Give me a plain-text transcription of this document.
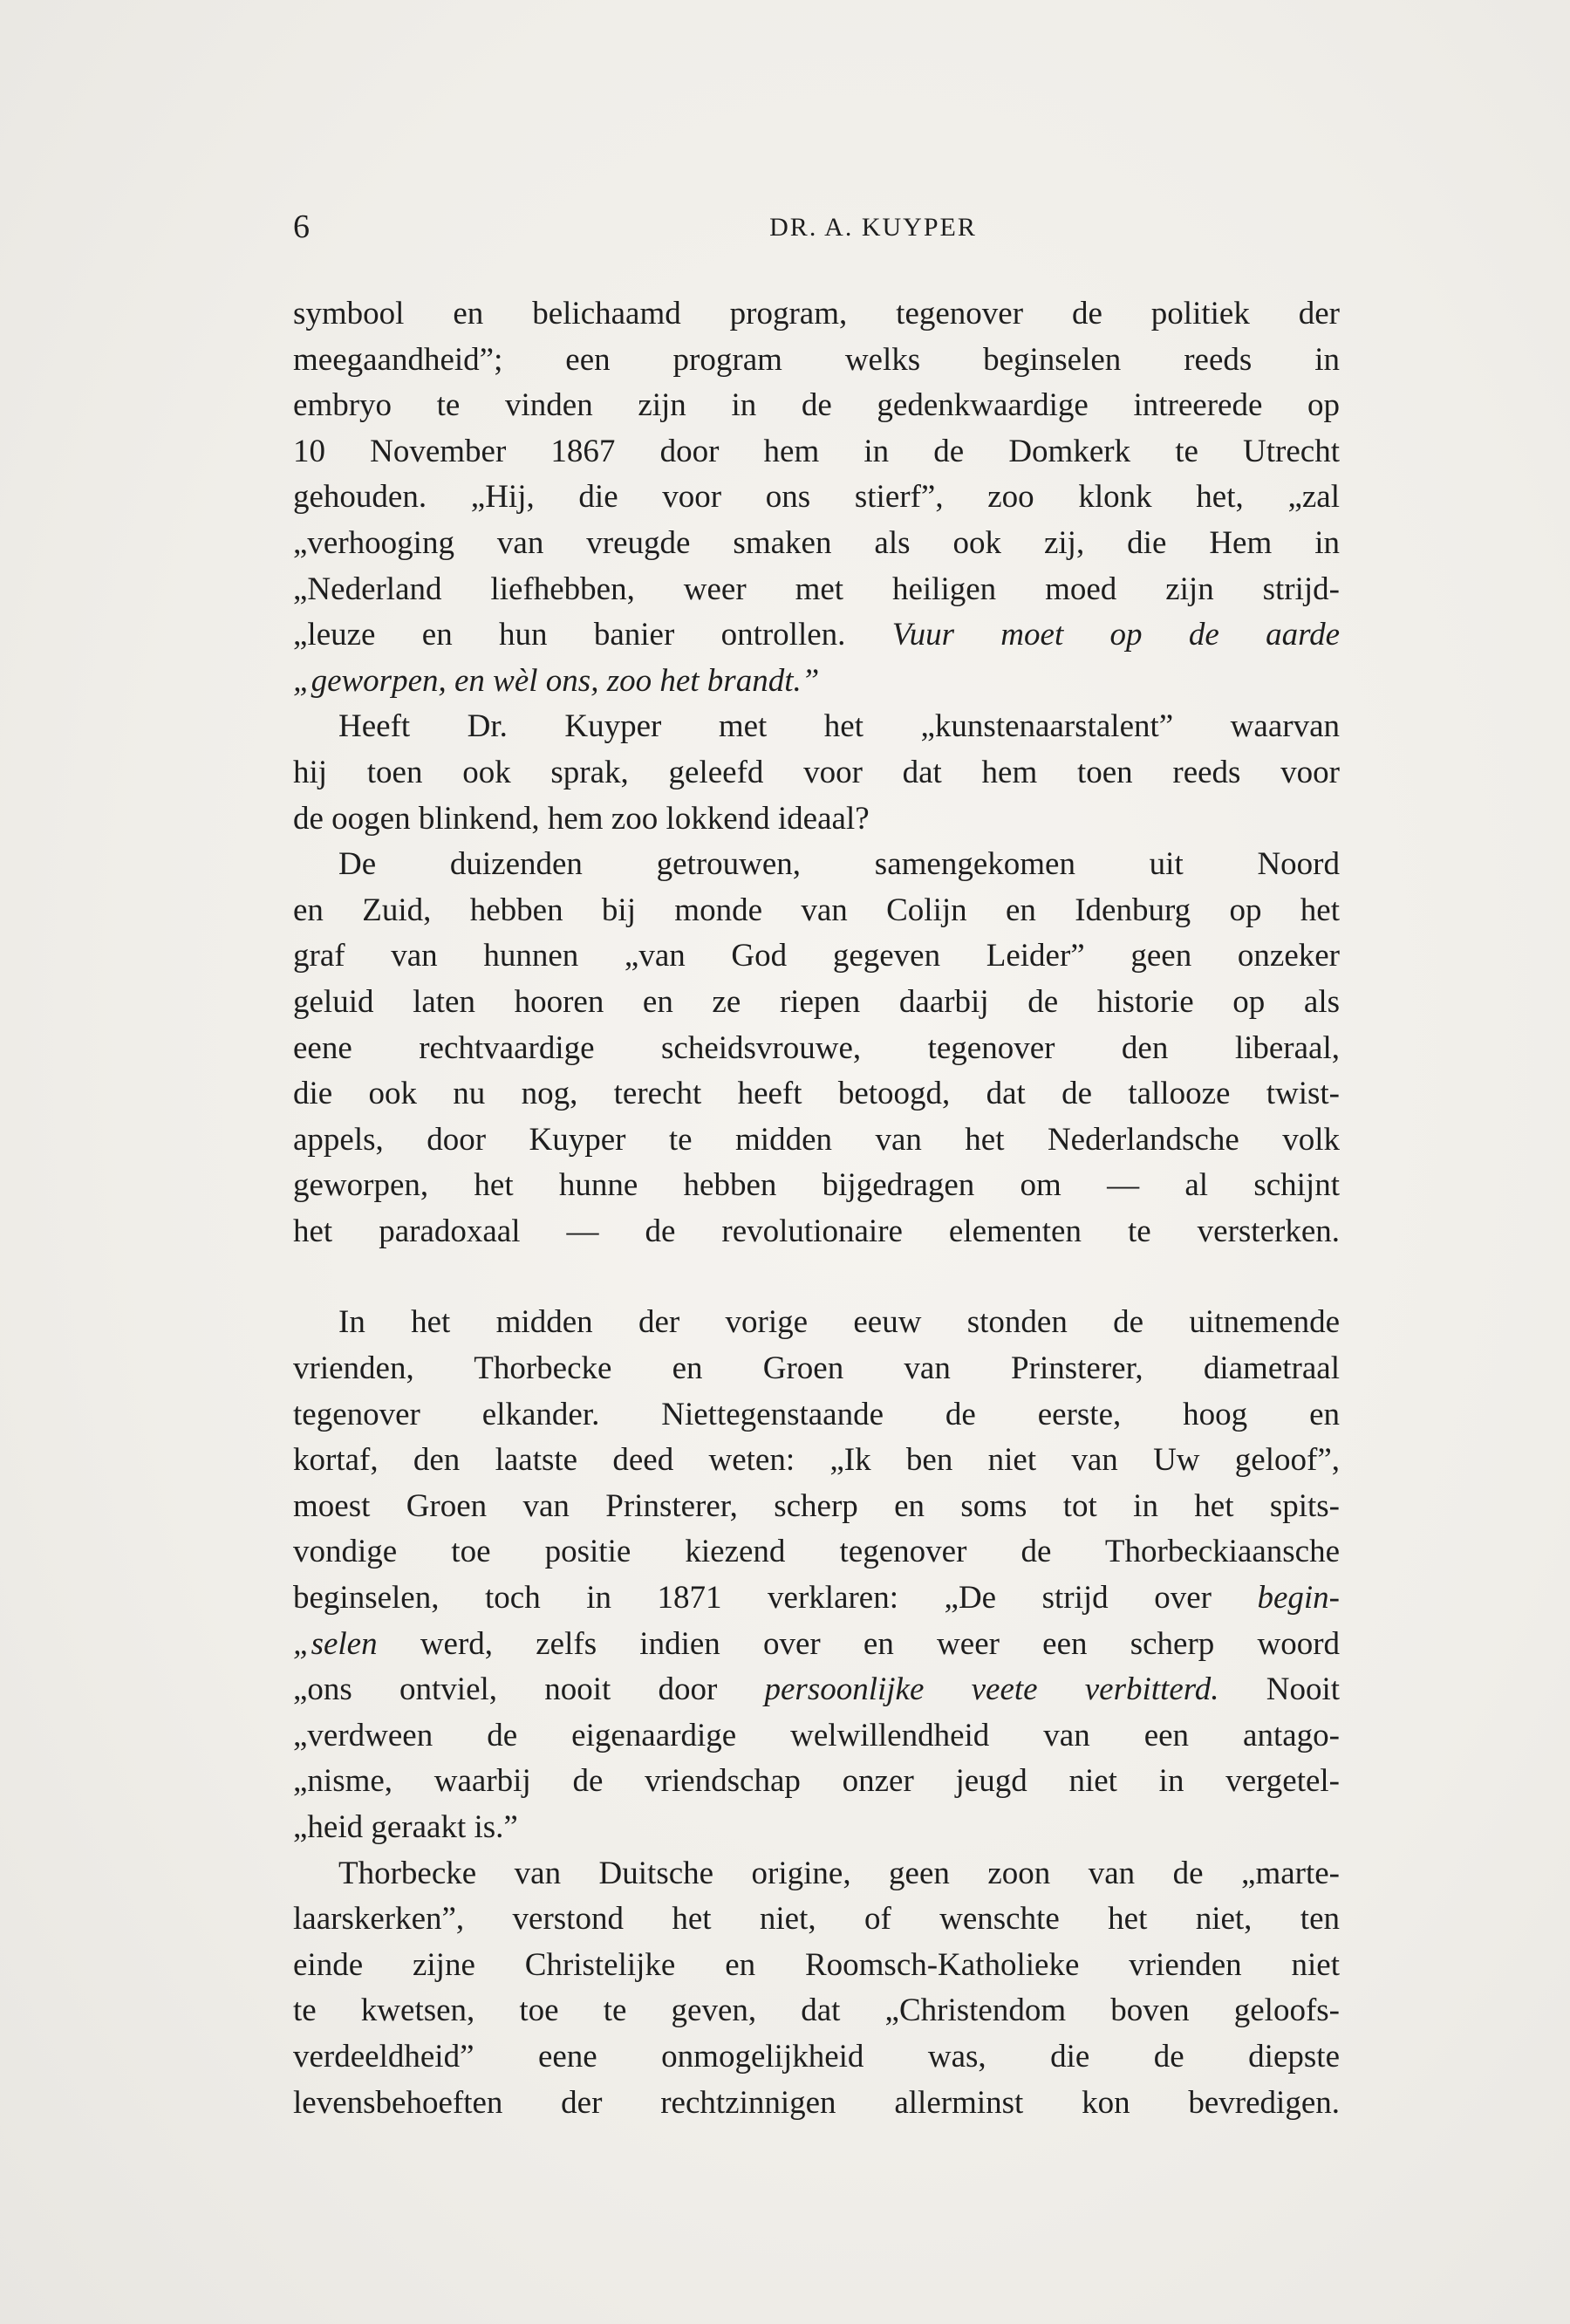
6	DR. A. KUYPER
symbool en belichaamd program, tegenover de politiek der
meegaandheid”; een program welks beginselen reeds in
embryo te vinden zijn in de gedenkwaardige intreerede op
10 November 1867 door hem in de Domkerk te Utrecht
gehouden. „Hij, die voor ons stierf”, zoo klonk het, „zal
„verhooging van vreugde smaken als ook zij, die Hem in
„Nederland liefhebben, weer met heiligen moed zijn strijd-
„leuze en hun banier ontrollen. Vuur moet op de aarde
„geworpen, en wèl ons, zoo het brandt.”
Heeft Dr. Kuyper met het „kunstenaarstalent” waarvan
hij toen ook sprak, geleefd voor dat hem toen reeds voor
de oogen blinkend, hem zoo lokkend ideaal?
De duizenden getrouwen, samengekomen uit Noord
en Zuid, hebben bij monde van Colijn en Idenburg op het
graf van hunnen „van God gegeven Leider” geen onzeker
geluid laten hooren en ze riepen daarbij de historie op als
eene rechtvaardige scheidsvrouwe, tegenover den liberaal,
die ook nu nog, terecht heeft betoogd, dat de tallooze twist-
appels, door Kuyper te midden van het Nederlandsche volk
geworpen, het hunne hebben bijgedragen om — al schijnt
het paradoxaal — de revolutionaire elementen te versterken.
In het midden der vorige eeuw stonden de uitnemende
vrienden, Thorbecke en Groen van Prinsterer, diametraal
tegenover elkander. Niettegenstaande de eerste, hoog en
kortaf, den laatste deed weten: „Ik ben niet van Uw geloof”,
moest Groen van Prinsterer, scherp en soms tot in het spits-
vondige toe positie kiezend tegenover de Thorbeckiaansche
beginselen, toch in 1871 verklaren: „De strijd over begin-
„selen werd, zelfs indien over en weer een scherp woord
„ons ontviel, nooit door persoonlijke veete verbitterd. Nooit
„verdween de eigenaardige welwillendheid van een antago-
„nisme, waarbij de vriendschap onzer jeugd niet in vergetel-
„heid geraakt is.”
Thorbecke van Duitsche origine, geen zoon van de „marte-
laarskerken”, verstond het niet, of wenschte het niet, ten
einde zijne Christelijke en Roomsch-Katholieke vrienden niet
te kwetsen, toe te geven, dat „Christendom boven geloofs-
verdeeldheid” eene onmogelijkheid was, die de diepste
levensbehoeften der rechtzinnigen allerminst kon bevredigen.
